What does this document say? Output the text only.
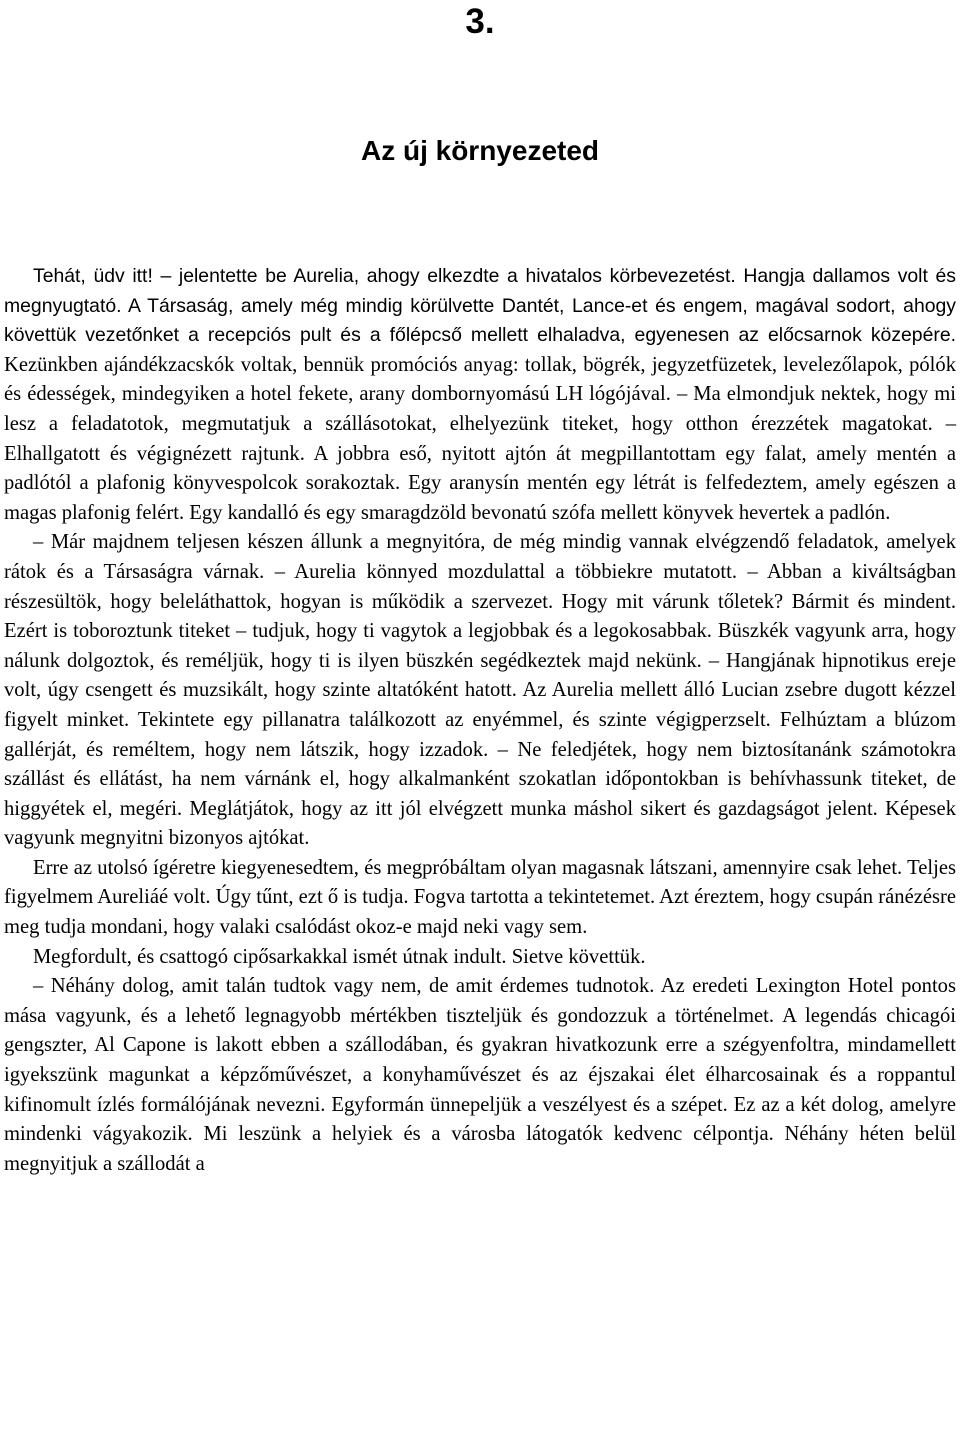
3.
Az új környezeted

Tehát, üdv itt! – jelentette be Aurelia, ahogy elkezdte a hivatalos körbevezetést. Hangja dallamos volt és megnyugtató. A Társaság, amely még mindig körülvette Dantét, Lance-et és engem, magával sodort, ahogy követtük vezetőnket a recepciós pult és a főlépcső mellett elhaladva, egyenesen az előcsarnok közepére. Kezünkben ajándékzacskók voltak, bennük promóciós anyag: tollak, bögrék, jegyzetfüzetek, levelezőlapok, pólók és édességek, mindegyiken a hotel fekete, arany dombornyomású LH lógójával. – Ma elmondjuk nektek, hogy mi lesz a feladatotok, megmutatjuk a szállásotokat, elhelyezünk titeket, hogy otthon érezzétek magatokat. – Elhallgatott és végignézett rajtunk. A jobbra eső, nyitott ajtón át megpillantottam egy falat, amely mentén a padlótól a plafonig könyvespolcok sorakoztak. Egy aranysín mentén egy létrát is felfedeztem, amely egészen a magas plafonig felért. Egy kandalló és egy smaragdzöld bevonatú szófa mellett könyvek hevertek a padlón.

– Már majdnem teljesen készen állunk a megnyitóra, de még mindig vannak elvégzendő feladatok, amelyek rátok és a Társaságra várnak. – Aurelia könnyed mozdulattal a többiekre mutatott. – Abban a kiváltságban részesültök, hogy beleláthattok, hogyan is működik a szervezet. Hogy mit várunk tőletek? Bármit és mindent. Ezért is toboroztunk titeket – tudjuk, hogy ti vagytok a legjobbak és a legokosabbak. Büszkék vagyunk arra, hogy nálunk dolgoztok, és reméljük, hogy ti is ilyen büszkén segédkeztek majd nekünk. – Hangjának hipnotikus ereje volt, úgy csengett és muzsikált, hogy szinte altatóként hatott. Az Aurelia mellett álló Lucian zsebre dugott kézzel figyelt minket. Tekintete egy pillanatra találkozott az enyémmel, és szinte végigperzselt. Felhúztam a blúzom gallérját, és reméltem, hogy nem látszik, hogy izzadok. – Ne feledjétek, hogy nem biztosítanánk számotokra szállást és ellátást, ha nem várnánk el, hogy alkalmanként szokatlan időpontokban is behívhassunk titeket, de higgyétek el, megéri. Meglátjátok, hogy az itt jól elvégzett munka máshol sikert és gazdagságot jelent. Képesek vagyunk megnyitni bizonyos ajtókat.

Erre az utolsó ígéretre kiegyenesedtem, és megpróbáltam olyan magasnak látszani, amennyire csak lehet. Teljes figyelmem Aureliáé volt. Úgy tűnt, ezt ő is tudja. Fogva tartotta a tekintetemet. Azt éreztem, hogy csupán ránézésre meg tudja mondani, hogy valaki csalódást okoz-e majd neki vagy sem.

Megfordult, és csattogó cipősarkakkal ismét útnak indult. Sietve követtük.

– Néhány dolog, amit talán tudtok vagy nem, de amit érdemes tudnotok. Az eredeti Lexington Hotel pontos mása vagyunk, és a lehető legnagyobb mértékben tiszteljük és gondozzuk a történelmet. A legendás chicagói gengszter, Al Capone is lakott ebben a szállodában, és gyakran hivatkozunk erre a szégyenfoltra, mindamellett igyekszünk magunkat a képzőművészet, a konyhaművészet és az éjszakai élet élharcosainak és a roppantul kifinomult ízlés formálójának nevezni. Egyformán ünnepeljük a veszélyest és a szépet. Ez az a két dolog, amelyre mindenki vágyakozik. Mi leszünk a helyiek és a városba látogatók kedvenc célpontja. Néhány héten belül megnyitjuk a szállodát a
